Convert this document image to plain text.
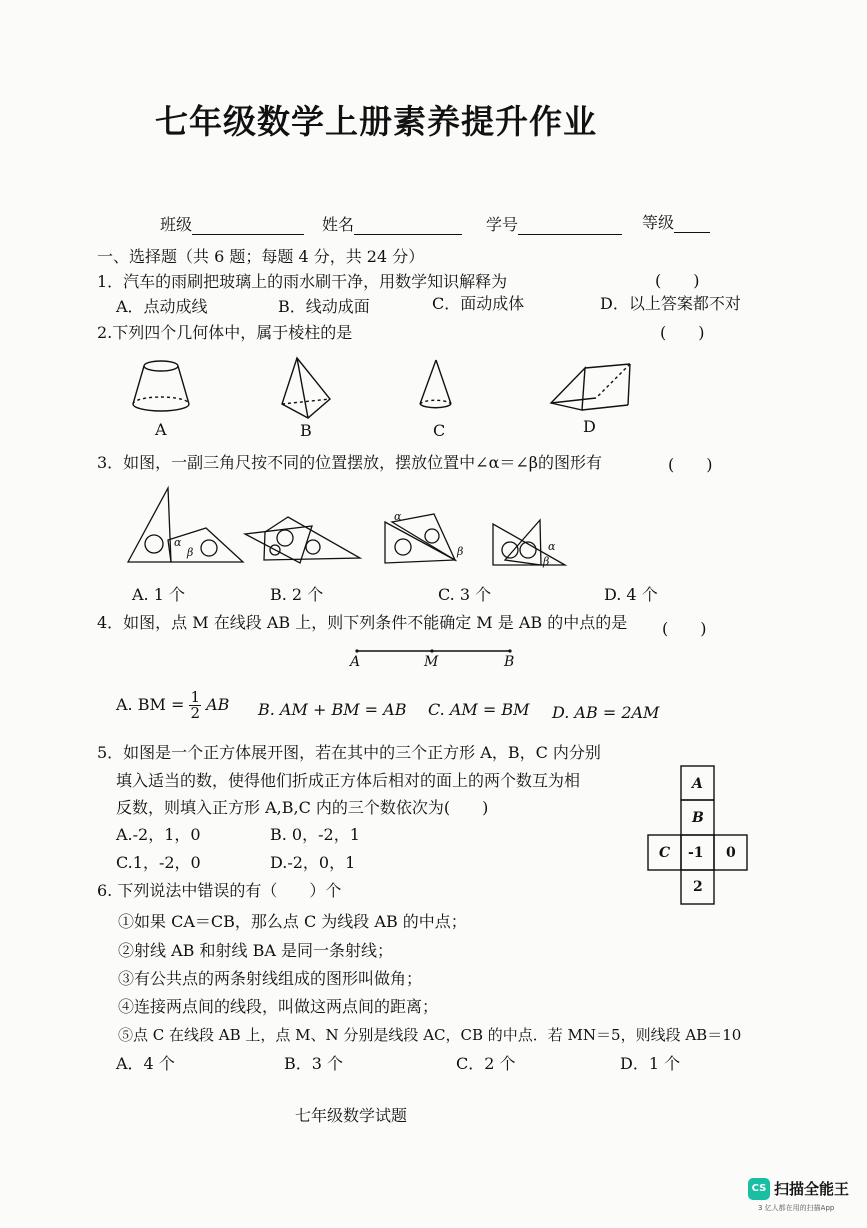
七年级数学上册素养提升作业
班级	姓名	学号	等级
一、选择题（共 6 题；每题 4 分，共 24 分）
1．汽车的雨刷把玻璃上的雨水刷干净，用数学知识解释为	(　　)
A．点动成线	B．线动成面	C．面动成体	D．以上答案都不对
2.下列四个几何体中，属于棱柱的是	(　　)
A	B	C	D
3．如图，一副三角尺按不同的位置摆放，摆放位置中∠α＝∠β的图形有	(　　)
α
β
α
β	α
β
A. 1 个	B. 2 个	C. 3 个	D. 4 个
4．如图，点 M 在线段 AB 上，则下列条件不能确定 M 是 AB 的中点的是 (　　)
A	M	B
A. BM = $\frac{1}{2}$ AB B. AM + BM = AB C. AM = BM D. AB = 2AM
5．如图是一个正方体展开图，若在其中的三个正方形 A，B，C 内分别
填入适当的数，使得他们折成正方体后相对的面上的两个数互为相
反数，则填入正方形 A,B,C 内的三个数依次为(　　)
A.-2，1，0	B. 0，-2，1
C.1，-2，0	D.-2，0，1
A
B
C -1 0
2
6. 下列说法中错误的有（　　）个
①如果 CA＝CB，那么点 C 为线段 AB 的中点；
②射线 AB 和射线 BA 是同一条射线；
③有公共点的两条射线组成的图形叫做角；
④连接两点间的线段，叫做这两点间的距离；
⑤点 C 在线段 AB 上，点 M、N 分别是线段 AC，CB 的中点．若 MN＝5，则线段 AB＝10
A．4 个	B．3 个	C．2 个	D．1 个
七年级数学试题
CS 扫描全能王
3 亿人都在用的扫描App
